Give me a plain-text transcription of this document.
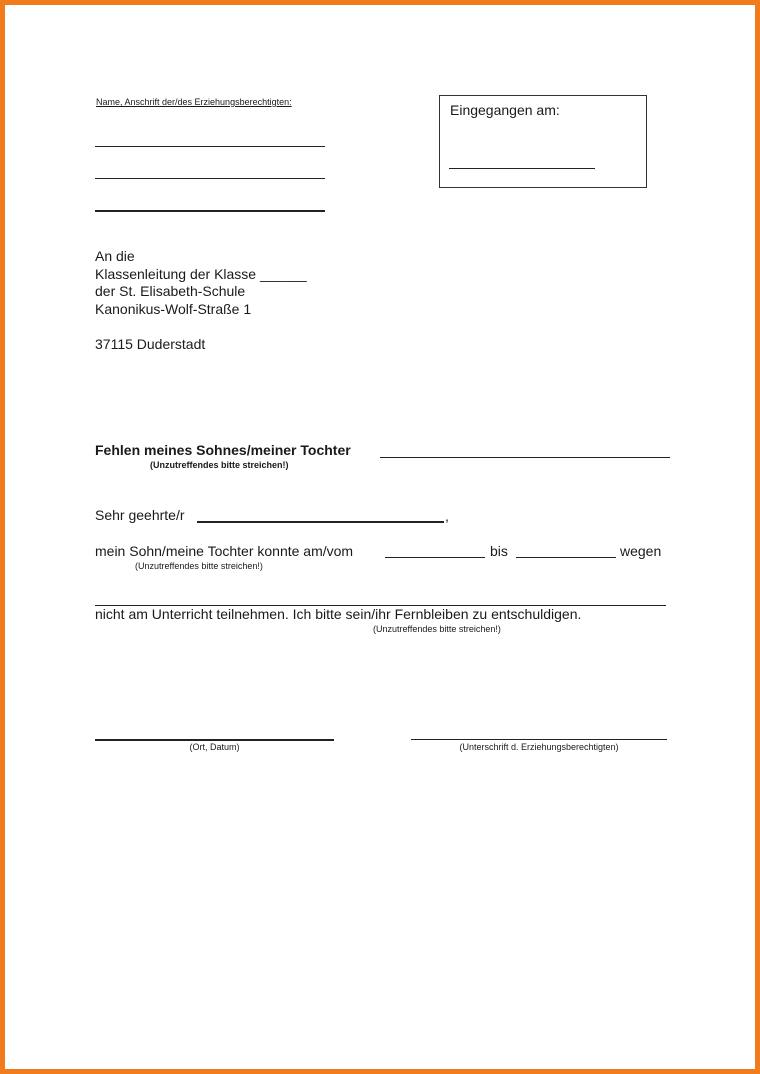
Name, Anschrift der/des Erziehungsberechtigten:	Eingegangen am:
An die
Klassenleitung der Klasse ______
der St. Elisabeth-Schule
Kanonikus-Wolf-Straße 1
37115 Duderstadt
Fehlen meines Sohnes/meiner Tochter
(Unzutreffendes bitte streichen!)
Sehr geehrte/r	,
mein Sohn/meine Tochter konnte am/vom	bis	wegen
(Unzutreffendes bitte streichen!)
nicht am Unterricht teilnehmen. Ich bitte sein/ihr Fernbleiben zu entschuldigen.
(Unzutreffendes bitte streichen!)
(Ort, Datum)	(Unterschrift d. Erziehungsberechtigten)
